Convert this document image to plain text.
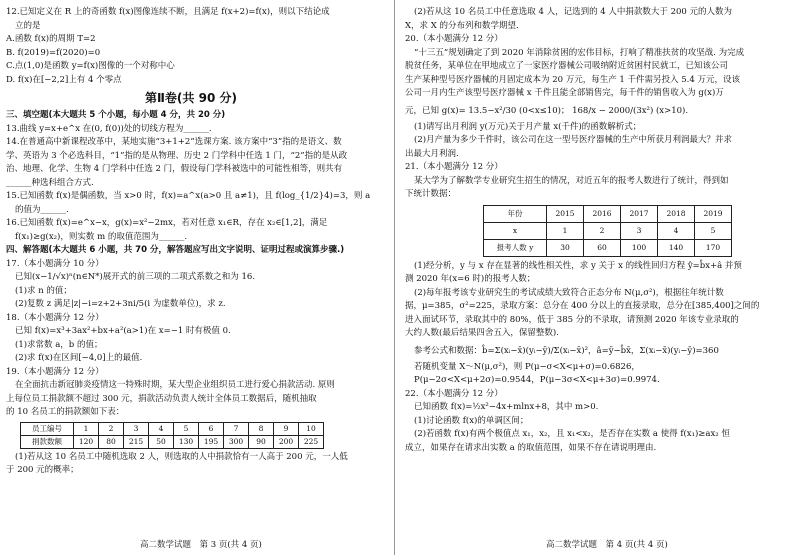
12.已知定义在 R 上的奇函数 f(x)图像连续不断，且满足 f(x+2)=f(x)，则以下结论成
立的是
A.函数 f(x)的周期 T=2
B. f(2019)=f(2020)=0
C.点(1,0)是函数 y=f(x)图像的一个对称中心
D. f(x)在[−2,2]上有 4 个零点
第Ⅱ卷(共 90 分)
三、填空题(本大题共 5 个小题，每小题 4 分，共 20 分)
13.曲线 y=x+e^x 在(0, f(0))处的切线方程为______.
14.在普通高中新课程改革中，某地实施“3+1+2”选课方案. 该方案中“3”指的是语文、数
学、英语为 3 个必选科目，“1”指的是从物理、历史 2 门学科中任选 1 门，“2”指的是从政
治、地理、化学、生物 4 门学科中任选 2 门，假设每门学科被选中的可能性相等，则共有
______种选科组合方式.
15.已知函数 f(x)是偶函数，当 x>0 时，f(x)=a^x(a>0 且 a≠1)，且 f(log_{1/2}4)=3，则 a
的值为______.
16.已知函数 f(x)=e^x−x，g(x)=x²−2mx，若对任意 x₁∈R，存在 x₂∈[1,2]，满足
f(x₁)≥g(x₂)，则实数 m 的取值范围为______.
四、解答题(本大题共 6 小题，共 70 分，解答题应写出文字说明、证明过程或演算步骤.)
17.（本小题满分 10 分）
已知(x−1/√x)ⁿ(n∈N*)展开式的前三项的二项式系数之和为 16.
(1)求 n 的值；
(2)复数 z 满足|z|−i=z+2+3ni/5(i 为虚数单位)，求 z.
18.（本小题满分 12 分）
已知 f(x)=x³+3ax²+bx+a²(a>1)在 x=−1 时有极值 0.
(1)求常数 a，b 的值；
(2)求 f(x)在区间[−4,0]上的最值.
19.（本小题满分 12 分）
在全面抗击新冠肺炎疫情这一特殊时期，某大型企业组织员工进行爱心捐款活动. 原则
上每位员工捐款额不超过 300 元，捐款活动负责人统计全体员工数据后，随机抽取
的 10 名员工的捐款额如下表：
员工编号	1	2	3	4	5	6	7	8	9	10
捐款数额	120	80	215	50	130	195	300	90	200	225
(1)若从这 10 名员工中随机选取 2 人，则选取的人中捐款恰有一人高于 200 元，一人低
于 200 元的概率；
高二数学试题　第 3 页(共 4 页)
(2)若从这 10 名员工中任意选取 4 人，记选到的 4 人中捐款数大于 200 元的人数为
X，求 X 的分布列和数学期望.
20.（本小题满分 12 分）
“十三五”规划确定了到 2020 年消除贫困的宏伟目标，打响了精准扶贫的攻坚战. 为完成
脱贫任务，某单位在甲地成立了一家医疗器械公司吸纳附近贫困村民就工，已知该公司
生产某种型号医疗器械的月固定成本为 20 万元，每生产 1 千件需另投入 5.4 万元，设该
公司一月内生产该型号医疗器械 x 千件且能全部销售完，每千件的销售收入为 g(x)万
元，已知 g(x)= 13.5−x²/30 (0<x≤10)； 168/x − 2000/(3x²) (x>10).
(1)请写出月利润 y(万元)关于月产量 x(千件)的函数解析式；
(2)月产量为多少千件时，该公司在这一型号医疗器械的生产中所获月利润最大？并求
出最大月利润.
21.（本小题满分 12 分）
某大学为了解数学专业研究生招生的情况，对近五年的报考人数进行了统计，得到如
下统计数据：
年份	2015	2016	2017	2018	2019
x	1	2	3	4	5
报考人数 y	30	60	100	140	170
(1)经分析，y 与 x 存在显著的线性相关性，求 y 关于 x 的线性回归方程 ŷ=b̂x+â 并预
测 2020 年(x=6 时)的报考人数；
(2)每年报考该专业研究生的考试成绩大致符合正态分布 N(μ,σ²)，根据往年统计数
据，μ=385，σ²=225，录取方案：总分在 400 分以上的直接录取，总分在[385,400]之间的
进入面试环节，录取其中的 80%，低于 385 分的不录取，请预测 2020 年该专业录取的
大约人数(最后结果四舍五入，保留整数).
参考公式和数据：b̂=Σ(xᵢ−x̄)(yᵢ−ȳ)/Σ(xᵢ−x̄)²，â=ȳ−b̂x̄，Σ(xᵢ−x̄)(yᵢ−ȳ)=360
若随机变量 X～N(μ,σ²)，则 P(μ−σ<X<μ+σ)=0.6826，
P(μ−2σ<X<μ+2σ)=0.9544，P(μ−3σ<X<μ+3σ)=0.9974.
22.（本小题满分 12 分）
已知函数 f(x)=½x²−4x+mlnx+8，其中 m>0.
(1)讨论函数 f(x)的单调区间；
(2)若函数 f(x)有两个极值点 x₁，x₂，且 x₁<x₂，是否存在实数 a 使得 f(x₁)≥ax₂ 恒
成立，如果存在请求出实数 a 的取值范围，如果不存在请说明理由.
高二数学试题　第 4 页(共 4 页)
